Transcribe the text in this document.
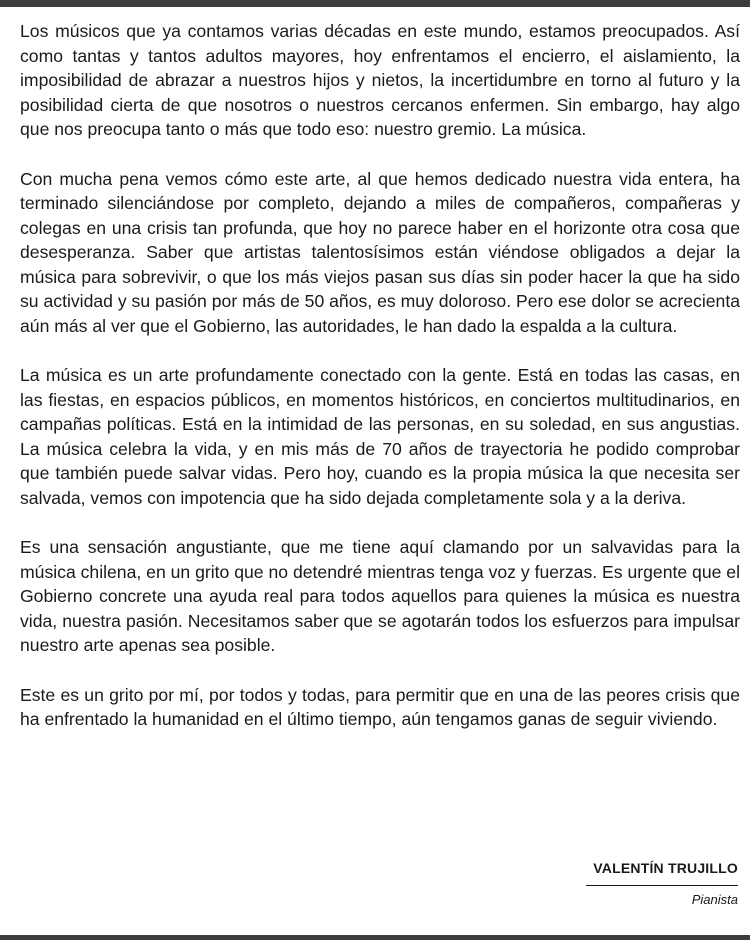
Los músicos que ya contamos varias décadas en este mundo, estamos preocupados. Así como tantas y tantos adultos mayores, hoy enfrentamos el encierro, el aislamiento, la imposibilidad de abrazar a nuestros hijos y nietos, la incertidumbre en torno al futuro y la posibilidad cierta de que nosotros o nuestros cercanos enfermen. Sin embargo, hay algo que nos preocupa tanto o más que todo eso: nuestro gremio. La música.

Con mucha pena vemos cómo este arte, al que hemos dedicado nuestra vida entera, ha terminado silenciándose por completo, dejando a miles de compañeros, compañeras y colegas en una crisis tan profunda, que hoy no parece haber en el horizonte otra cosa que desesperanza. Saber que artistas talentosísimos están viéndose obligados a dejar la música para sobrevivir, o que los más viejos pasan sus días sin poder hacer la que ha sido su actividad y su pasión por más de 50 años, es muy doloroso. Pero ese dolor se acrecienta aún más al ver que el Gobierno, las autoridades, le han dado la espalda a la cultura.

La música es un arte profundamente conectado con la gente. Está en todas las casas, en las fiestas, en espacios públicos, en momentos históricos, en conciertos multitudinarios, en campañas políticas. Está en la intimidad de las personas, en su soledad, en sus angustias. La música celebra la vida, y en mis más de 70 años de trayectoria he podido comprobar que también puede salvar vidas. Pero hoy, cuando es la propia música la que necesita ser salvada, vemos con impotencia que ha sido dejada completamente sola y a la deriva.

Es una sensación angustiante, que me tiene aquí clamando por un salvavidas para la música chilena, en un grito que no detendré mientras tenga voz y fuerzas. Es urgente que el Gobierno concrete una ayuda real para todos aquellos para quienes la música es nuestra vida, nuestra pasión. Necesitamos saber que se agotarán todos los esfuerzos para impulsar nuestro arte apenas sea posible.

Este es un grito por mí, por todos y todas, para permitir que en una de las peores crisis que ha enfrentado la humanidad en el último tiempo, aún tengamos ganas de seguir viviendo.

VALENTÍN TRUJILLO
Pianista
